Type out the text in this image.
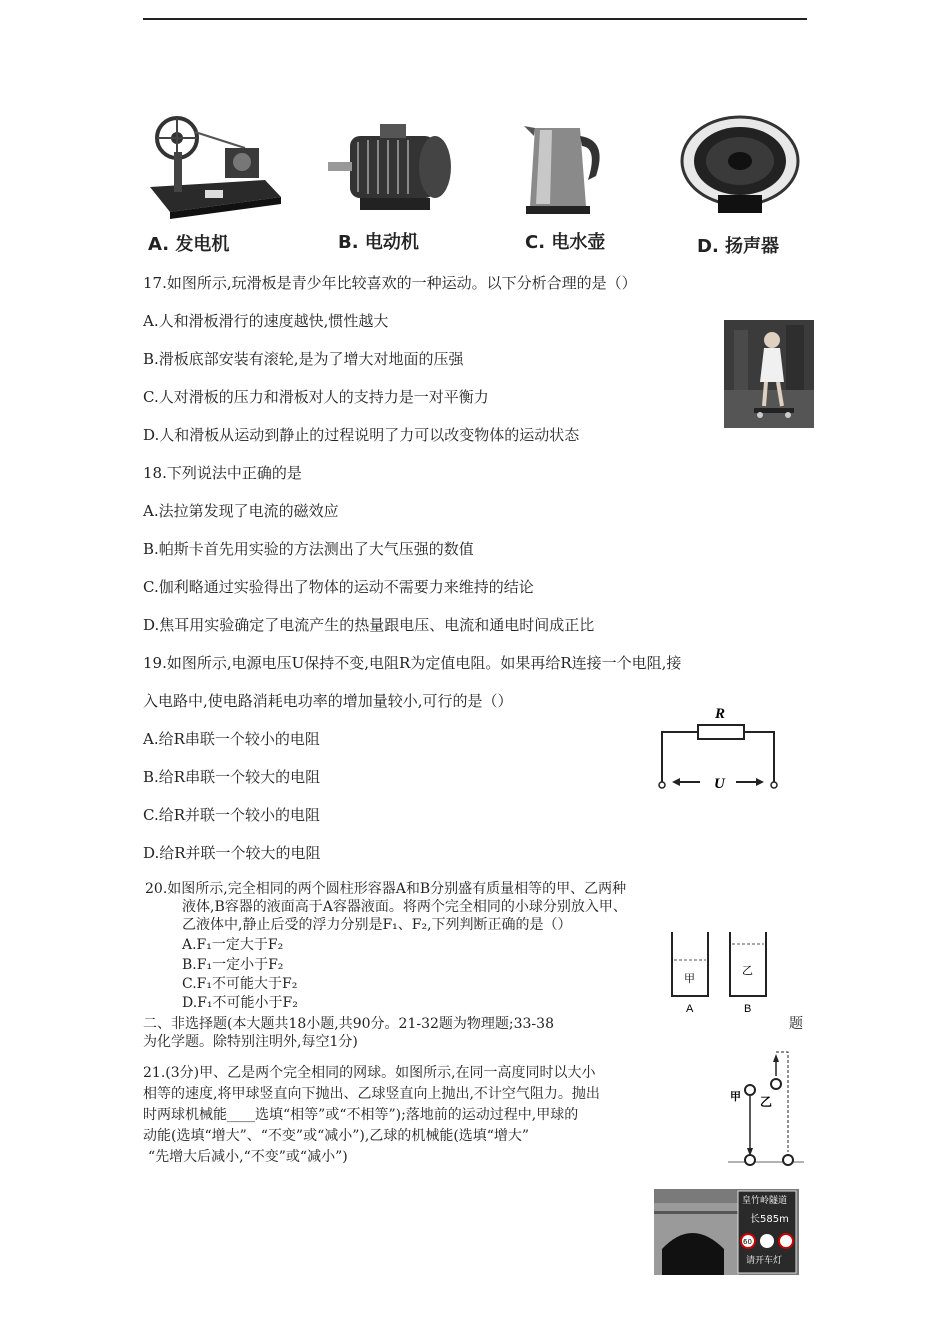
A. 发电机	B. 电动机	C. 电水壶	D. 扬声器
17.如图所示,玩滑板是青少年比较喜欢的一种运动。以下分析合理的是（）
A.人和滑板滑行的速度越快,惯性越大
B.滑板底部安装有滚轮,是为了增大对地面的压强
C.人对滑板的压力和滑板对人的支持力是一对平衡力
D.人和滑板从运动到静止的过程说明了力可以改变物体的运动状态
18.下列说法中正确的是
A.法拉第发现了电流的磁效应
B.帕斯卡首先用实验的方法测出了大气压强的数值
C.伽利略通过实验得出了物体的运动不需要力来维持的结论
D.焦耳用实验确定了电流产生的热量跟电压、电流和通电时间成正比
19.如图所示,电源电压U保持不变,电阻R为定值电阻。如果再给R连接一个电阻,接
入电路中,使电路消耗电功率的增加量较小,可行的是（）
A.给R串联一个较小的电阻
B.给R串联一个较大的电阻
C.给R并联一个较小的电阻
D.给R并联一个较大的电阻
R
U
20.如图所示,完全相同的两个圆柱形容器A和B分别盛有质量相等的甲、乙两种
液体,B容器的液面高于A容器液面。将两个完全相同的小球分别放入甲、
乙液体中,静止后受的浮力分别是F₁、F₂,下列判断正确的是（）
A.F₁一定大于F₂
B.F₁一定小于F₂
C.F₁不可能大于F₂
D.F₁不可能小于F₂
甲
乙
A	B
二、非选择题(本大题共18小题,共90分。21-32题为物理题;33-38	题
为化学题。除特别注明外,每空1分)
21.(3分)甲、乙是两个完全相同的网球。如图所示,在同一高度同时以大小
相等的速度,将甲球竖直向下抛出、乙球竖直向上抛出,不计空气阻力。抛出
时两球机械能____选填“相等”或“不相等”);落地前的运动过程中,甲球的
动能(选填“增大”、“不变”或“减小”),乙球的机械能(选填“增大”
“先增大后减小,“不变”或“减小”)
甲 乙
皇竹岭隧道
长585m
60
请开车灯
